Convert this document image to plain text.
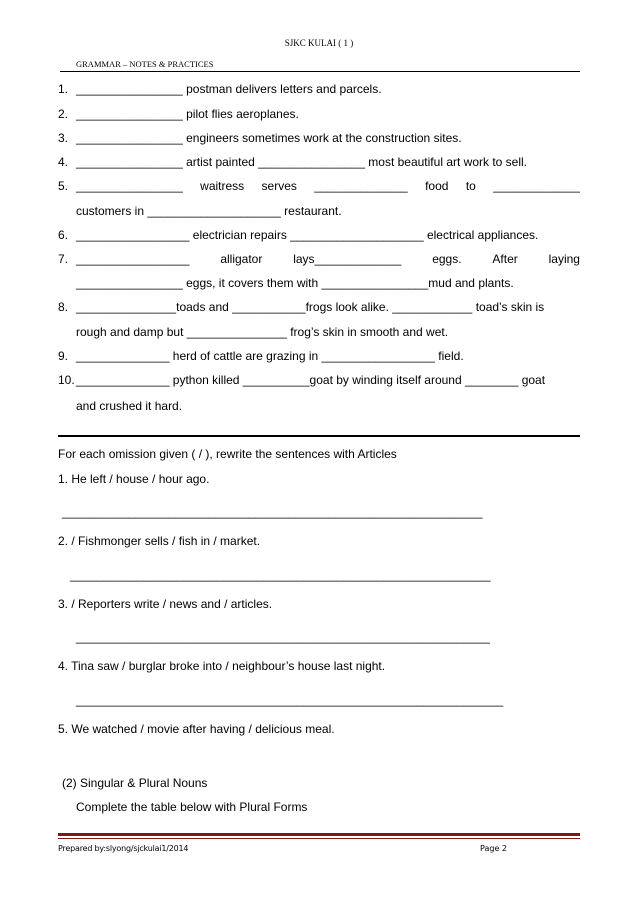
SJKC KULAI ( 1 )
GRAMMAR – NOTES & PRACTICES
1. ________________ postman delivers letters and parcels.
2. ________________ pilot flies aeroplanes.
3. ________________ engineers sometimes work at the construction sites.
4. ________________ artist painted ________________ most beautiful art work to sell.
5. ________________ waitress serves ______________ food to _____________
customers in ____________________ restaurant.
6. _________________ electrician repairs ____________________ electrical appliances.
7. _________________	alligator	lays_____________	eggs.	After	laying
________________ eggs, it covers them with ________________mud and plants.
8. _______________toads and ___________frogs look alike. ____________ toad’s skin is
rough and damp but _______________ frog’s skin in smooth and wet.
9. ______________ herd of cattle are grazing in _________________ field.
10. ______________ python killed __________goat by winding itself around ________ goat
and crushed it hard.
For each omission given ( / ), rewrite the sentences with Articles
1. He left / house / hour ago.
_______________________________________________________________
2. / Fishmonger sells / fish in / market.
_______________________________________________________________
3. / Reporters write / news and / articles.
______________________________________________________________
4. Tina saw / burglar broke into / neighbour’s house last night.
________________________________________________________________
5. We watched / movie after having / delicious meal.
(2) Singular & Plural Nouns
Complete the table below with Plural Forms
Prepared by:slyong/sjckulai1/2014	Page 2
